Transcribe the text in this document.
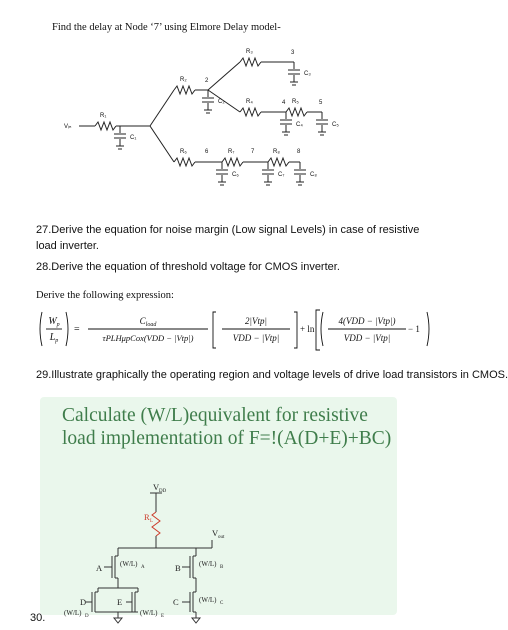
Find the delay at Node ‘7’ using Elmore Delay model-
Vᵢₙ
R₁
R₂
R₃
R₄	R₅
R₆	R₇	R₈
C₁
C₂
C₃
C₄	C₅
C₆	C₇	C₈
2
3
4	5
6	7	8
27.Derive the equation for noise margin (Low signal Levels) in case of resistive load inverter.
28.Derive the equation of threshold voltage for CMOS inverter.
Derive the following expression:
$W_p$
$L_p$
=
$C_{load}$
τPLHμpCox(VDD − |Vtp|)
2|Vtp|
VDD − |Vtp|
+ ln
4(VDD − |Vtp|)
VDD − |Vtp|
− 1
29.Illustrate graphically the operating region and voltage levels of drive load transistors in CMOS.
Calculate (W/L)equivalent for resistive load implementation of F=!(A(D+E)+BC)
V DD
R L
V out
A	(W/L) A	B	(W/L) B
D
(W/L) D
E
(W/L) E
C	(W/L) C
30.
